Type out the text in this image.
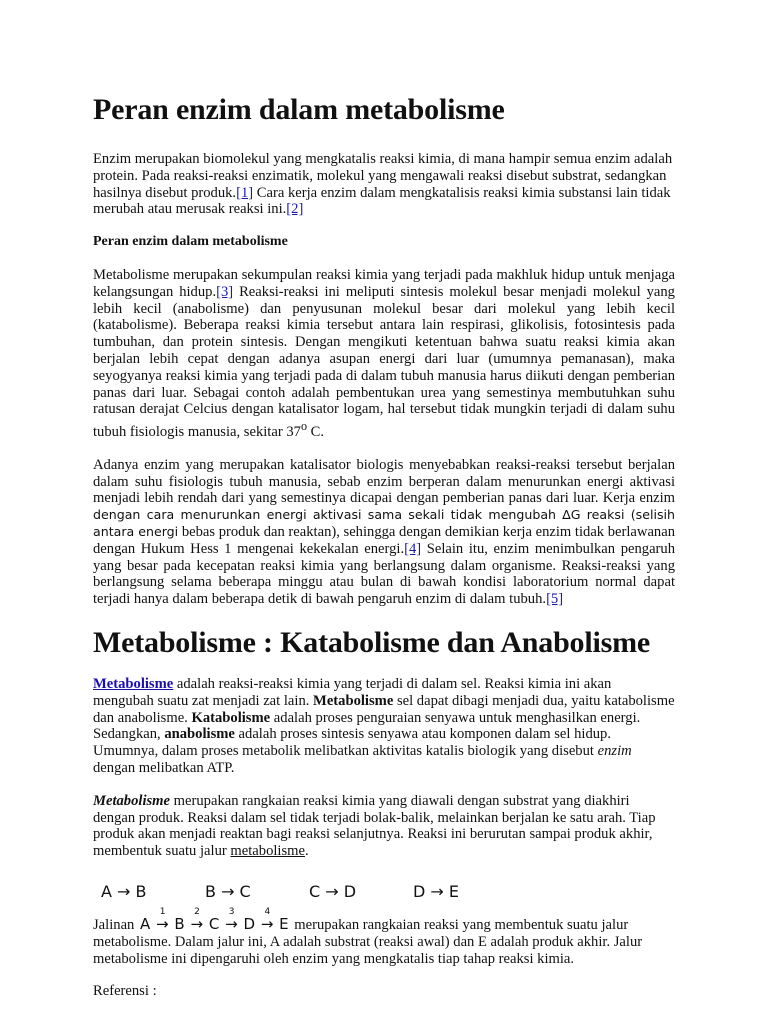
Peran enzim dalam metabolisme

Enzim merupakan biomolekul yang mengkatalis reaksi kimia, di mana hampir semua enzim adalah protein. Pada reaksi-reaksi enzimatik, molekul yang mengawali reaksi disebut substrat, sedangkan hasilnya disebut produk.[1] Cara kerja enzim dalam mengkatalisis reaksi kimia substansi lain tidak merubah atau merusak reaksi ini.[2]

Peran enzim dalam metabolisme

Metabolisme merupakan sekumpulan reaksi kimia yang terjadi pada makhluk hidup untuk menjaga kelangsungan hidup.[3] Reaksi-reaksi ini meliputi sintesis molekul besar menjadi molekul yang lebih kecil (anabolisme) dan penyusunan molekul besar dari molekul yang lebih kecil (katabolisme). Beberapa reaksi kimia tersebut antara lain respirasi, glikolisis, fotosintesis pada tumbuhan, dan protein sintesis. Dengan mengikuti ketentuan bahwa suatu reaksi kimia akan berjalan lebih cepat dengan adanya asupan energi dari luar (umumnya pemanasan), maka seyogyanya reaksi kimia yang terjadi pada di dalam tubuh manusia harus diikuti dengan pemberian panas dari luar. Sebagai contoh adalah pembentukan urea yang semestinya membutuhkan suhu ratusan derajat Celcius dengan katalisator logam, hal tersebut tidak mungkin terjadi di dalam suhu tubuh fisiologis manusia, sekitar 37$^o$ C.

Adanya enzim yang merupakan katalisator biologis menyebabkan reaksi-reaksi tersebut berjalan dalam suhu fisiologis tubuh manusia, sebab enzim berperan dalam menurunkan energi aktivasi menjadi lebih rendah dari yang semestinya dicapai dengan pemberian panas dari luar. Kerja enzim dengan cara menurunkan energi aktivasi sama sekali tidak mengubah ∆G reaksi (selisih antara energi bebas produk dan reaktan), sehingga dengan demikian kerja enzim tidak berlawanan dengan Hukum Hess 1 mengenai kekekalan energi.[4] Selain itu, enzim menimbulkan pengaruh yang besar pada kecepatan reaksi kimia yang berlangsung dalam organisme. Reaksi-reaksi yang berlangsung selama beberapa minggu atau bulan di bawah kondisi laboratorium normal dapat terjadi hanya dalam beberapa detik di bawah pengaruh enzim di dalam tubuh.[5]

Metabolisme : Katabolisme dan Anabolisme

Metabolisme adalah reaksi-reaksi kimia yang terjadi di dalam sel. Reaksi kimia ini akan mengubah suatu zat menjadi zat lain. Metabolisme sel dapat dibagi menjadi dua, yaitu katabolisme dan anabolisme. Katabolisme adalah proses penguraian senyawa untuk menghasilkan energi. Sedangkan, anabolisme adalah proses sintesis senyawa atau komponen dalam sel hidup. Umumnya, dalam proses metabolik melibatkan aktivitas katalis biologik yang disebut enzim dengan melibatkan ATP.

Metabolisme merupakan rangkaian reaksi kimia yang diawali dengan substrat yang diakhiri dengan produk. Reaksi dalam sel tidak terjadi bolak-balik, melainkan berjalan ke satu arah. Tiap produk akan menjadi reaktan bagi reaksi selanjutnya. Reaksi ini berurutan sampai produk akhir, membentuk suatu jalur metabolisme.

A → B	B → C	C → D	D → E

Jalinan A →
1
B →
2
C →
3
D →
4
E merupakan rangkaian reaksi yang membentuk suatu jalur metabolisme. Dalam jalur ini, A adalah substrat (reaksi awal) dan E adalah produk akhir. Jalur metabolisme ini dipengaruhi oleh enzim yang mengkatalis tiap tahap reaksi kimia.

Referensi :
